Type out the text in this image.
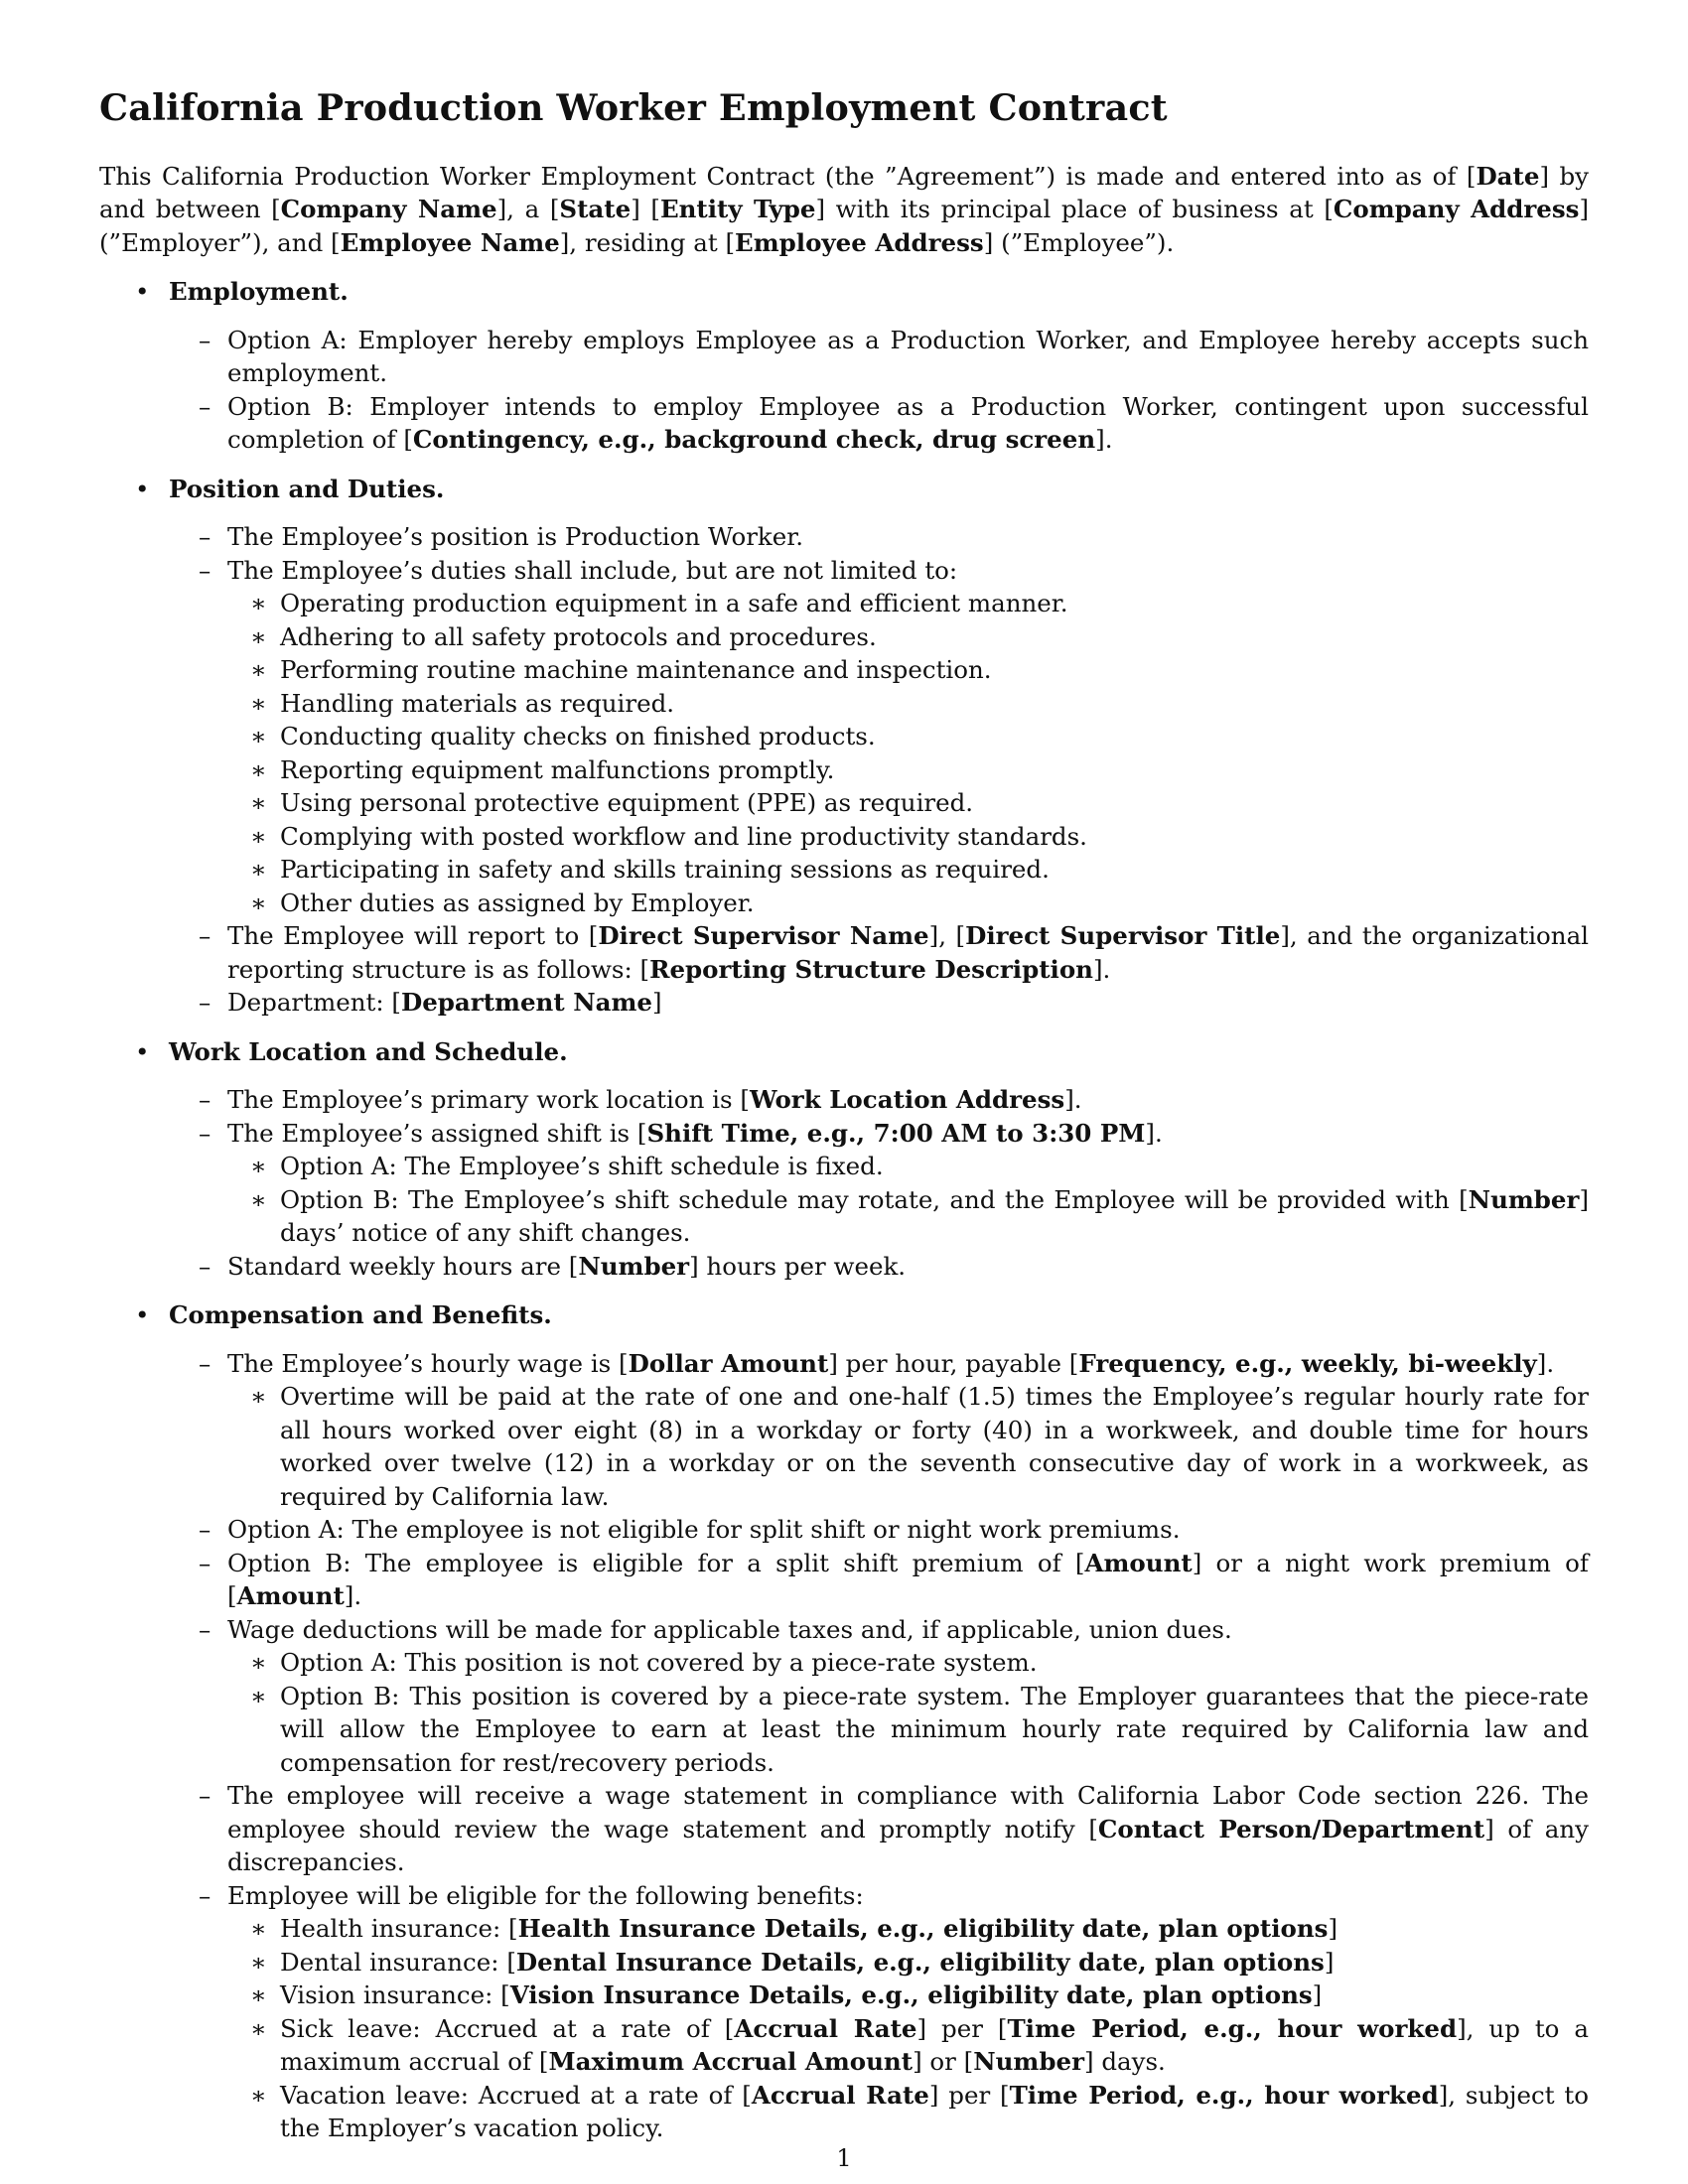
California Production Worker Employment Contract

This California Production Worker Employment Contract (the ”Agreement”) is made and entered into as of [Date] by and between [Company Name], a [State] [Entity Type] with its principal place of business at [Company Address] (”Employer”), and [Employee Name], residing at [Employee Address] (”Employee”).

• Employment.
– Option A: Employer hereby employs Employee as a Production Worker, and Employee hereby accepts such employment.
– Option B: Employer intends to employ Employee as a Production Worker, contingent upon successful completion of [Contingency, e.g., background check, drug screen].
• Position and Duties.
– The Employee’s position is Production Worker.
– The Employee’s duties shall include, but are not limited to:
∗ Operating production equipment in a safe and efficient manner.
∗ Adhering to all safety protocols and procedures.
∗ Performing routine machine maintenance and inspection.
∗ Handling materials as required.
∗ Conducting quality checks on finished products.
∗ Reporting equipment malfunctions promptly.
∗ Using personal protective equipment (PPE) as required.
∗ Complying with posted workflow and line productivity standards.
∗ Participating in safety and skills training sessions as required.
∗ Other duties as assigned by Employer.
– The Employee will report to [Direct Supervisor Name], [Direct Supervisor Title], and the organizational reporting structure is as follows: [Reporting Structure Description].
– Department: [Department Name]
• Work Location and Schedule.
– The Employee’s primary work location is [Work Location Address].
– The Employee’s assigned shift is [Shift Time, e.g., 7:00 AM to 3:30 PM].
∗ Option A: The Employee’s shift schedule is fixed.
∗ Option B: The Employee’s shift schedule may rotate, and the Employee will be provided with [Number] days’ notice of any shift changes.
– Standard weekly hours are [Number] hours per week.
• Compensation and Benefits.
– The Employee’s hourly wage is [Dollar Amount] per hour, payable [Frequency, e.g., weekly, bi-weekly].
∗ Overtime will be paid at the rate of one and one-half (1.5) times the Employee’s regular hourly rate for all hours worked over eight (8) in a workday or forty (40) in a workweek, and double time for hours worked over twelve (12) in a workday or on the seventh consecutive day of work in a workweek, as required by California law.
– Option A: The employee is not eligible for split shift or night work premiums.
– Option B: The employee is eligible for a split shift premium of [Amount] or a night work premium of [Amount].
– Wage deductions will be made for applicable taxes and, if applicable, union dues.
∗ Option A: This position is not covered by a piece-rate system.
∗ Option B: This position is covered by a piece-rate system. The Employer guarantees that the piece-rate will allow the Employee to earn at least the minimum hourly rate required by California law and compensation for rest/recovery periods.
– The employee will receive a wage statement in compliance with California Labor Code section 226. The employee should review the wage statement and promptly notify [Contact Person/Department] of any discrepancies.
– Employee will be eligible for the following benefits:
∗ Health insurance: [Health Insurance Details, e.g., eligibility date, plan options]
∗ Dental insurance: [Dental Insurance Details, e.g., eligibility date, plan options]
∗ Vision insurance: [Vision Insurance Details, e.g., eligibility date, plan options]
∗ Sick leave: Accrued at a rate of [Accrual Rate] per [Time Period, e.g., hour worked], up to a maximum accrual of [Maximum Accrual Amount] or [Number] days.
∗ Vacation leave: Accrued at a rate of [Accrual Rate] per [Time Period, e.g., hour worked], subject to the Employer’s vacation policy.
1
